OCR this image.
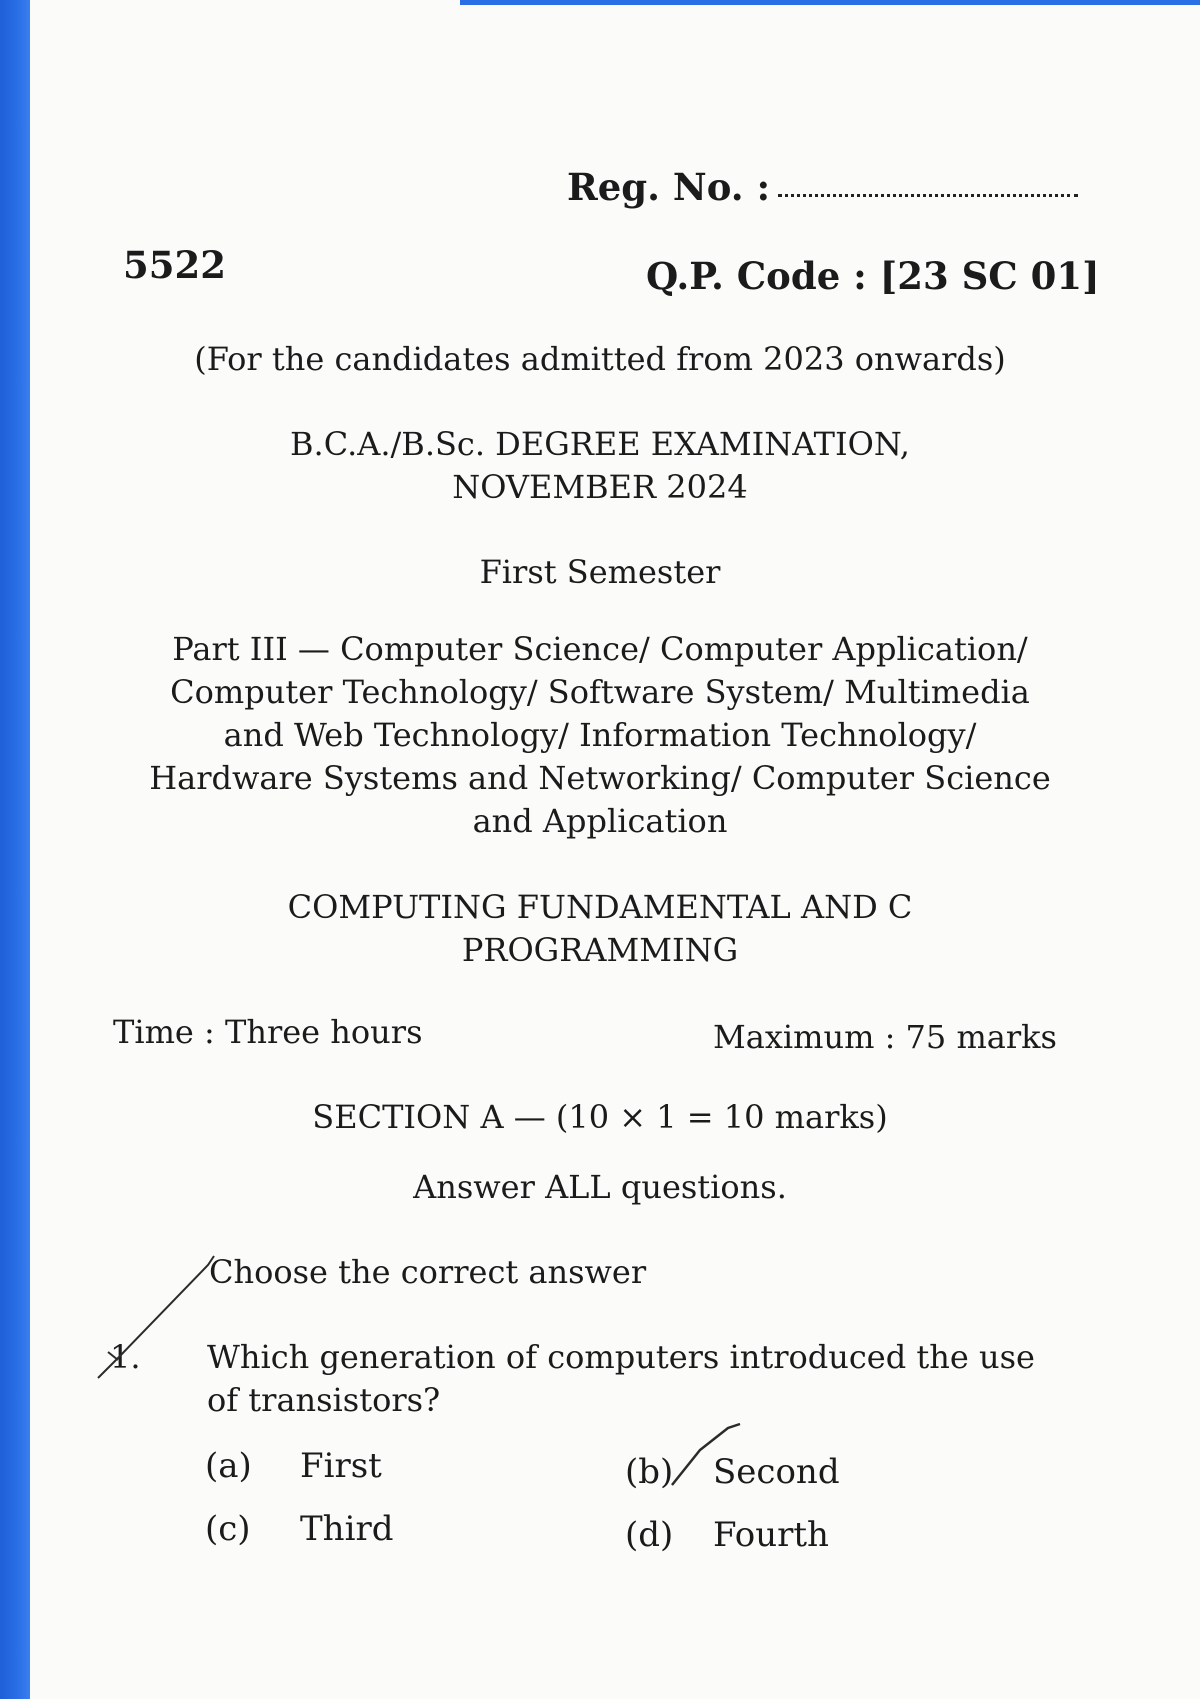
Reg. No. :
5522	Q.P. Code : [23 SC 01]
(For the candidates admitted from 2023 onwards)
B.C.A./B.Sc. DEGREE EXAMINATION,
NOVEMBER 2024
First Semester
Part III — Computer Science/ Computer Application/
Computer Technology/ Software System/ Multimedia
and Web Technology/ Information Technology/
Hardware Systems and Networking/ Computer Science
and Application
COMPUTING FUNDAMENTAL AND C
PROGRAMMING
Time : Three hours	Maximum : 75 marks
SECTION A — (10 × 1 = 10 marks)
Answer ALL questions.
Choose the correct answer
1. Which generation of computers introduced the use
of transistors?
(a) First	(b) Second
(c) Third	(d) Fourth
